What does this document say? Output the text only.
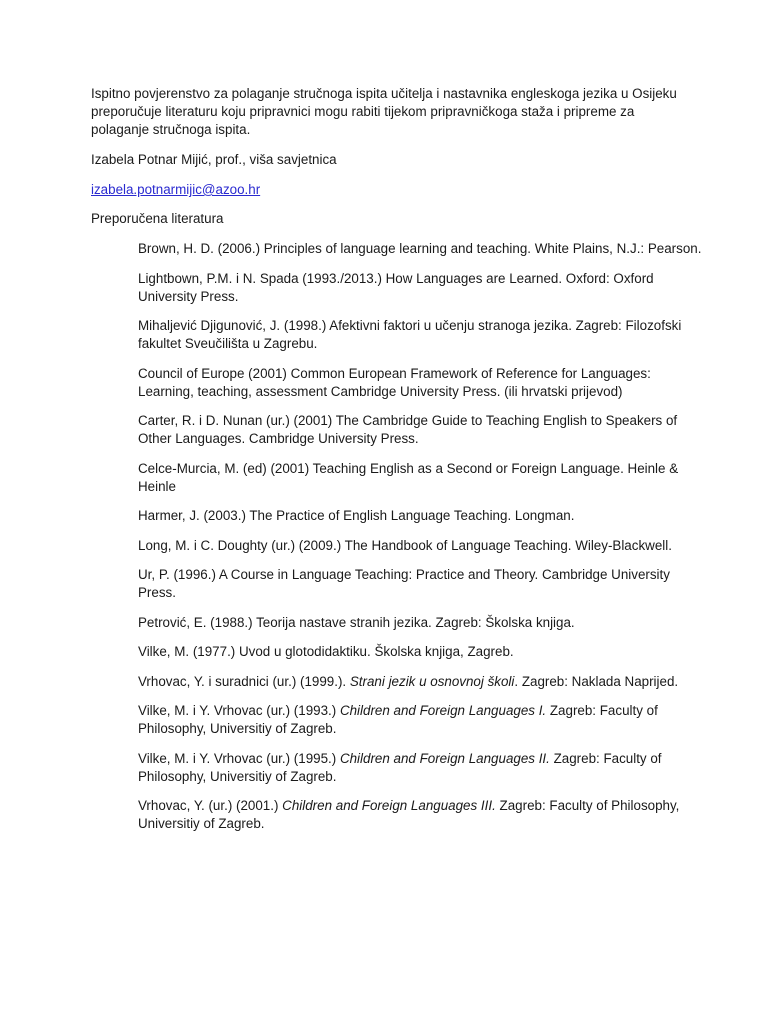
Ispitno povjerenstvo za polaganje stručnoga ispita učitelja i nastavnika engleskoga jezika u Osijeku preporučuje literaturu koju pripravnici mogu rabiti tijekom pripravničkoga staža i pripreme za polaganje stručnoga ispita.

Izabela Potnar Mijić, prof., viša savjetnica

izabela.potnarmijic@azoo.hr

Preporučena literatura

Brown, H. D. (2006.) Principles of language learning and teaching. White Plains, N.J.: Pearson.
Lightbown, P.M. i N. Spada (1993./2013.) How Languages are Learned. Oxford: Oxford University Press.
Mihaljević Djigunović, J. (1998.) Afektivni faktori u učenju stranoga jezika. Zagreb: Filozofski fakultet Sveučilišta u Zagrebu.
Council of Europe (2001) Common European Framework of Reference for Languages: Learning, teaching, assessment Cambridge University Press. (ili hrvatski prijevod)
Carter, R. i D. Nunan (ur.) (2001) The Cambridge Guide to Teaching English to Speakers of Other Languages. Cambridge University Press.
Celce-Murcia, M. (ed) (2001) Teaching English as a Second or Foreign Language. Heinle & Heinle
Harmer, J. (2003.) The Practice of English Language Teaching. Longman.
Long, M. i C. Doughty (ur.) (2009.) The Handbook of Language Teaching. Wiley-Blackwell.
Ur, P. (1996.) A Course in Language Teaching: Practice and Theory. Cambridge University Press.
Petrović, E. (1988.) Teorija nastave stranih jezika. Zagreb: Školska knjiga.
Vilke, M. (1977.) Uvod u glotodidaktiku. Školska knjiga, Zagreb.
Vrhovac, Y. i suradnici (ur.) (1999.). Strani jezik u osnovnoj školi. Zagreb: Naklada Naprijed.
Vilke, M. i Y. Vrhovac (ur.) (1993.) Children and Foreign Languages I. Zagreb: Faculty of Philosophy, Universitiy of Zagreb.
Vilke, M. i Y. Vrhovac (ur.) (1995.) Children and Foreign Languages II. Zagreb: Faculty of Philosophy, Universitiy of Zagreb.
Vrhovac, Y. (ur.) (2001.) Children and Foreign Languages III. Zagreb: Faculty of Philosophy, Universitiy of Zagreb.
